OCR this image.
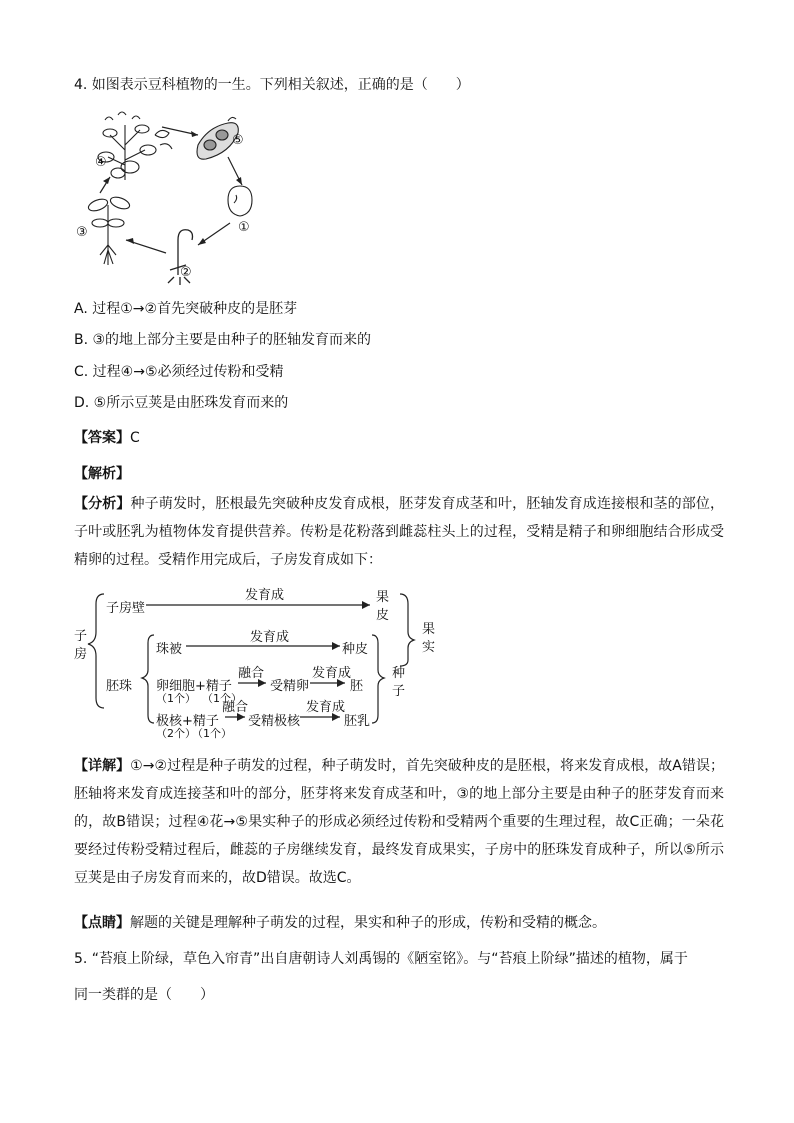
4. 如图表示豆科植物的一生。下列相关叙述，正确的是（　　）
④
⑤
①
②
③
A. 过程①→②首先突破种皮的是胚芽
B. ③的地上部分主要是由种子的胚轴发育而来的
C. 过程④→⑤必须经过传粉和受精
D. ⑤所示豆荚是由胚珠发育而来的
【答案】C
【解析】
【分析】种子萌发时，胚根最先突破种皮发育成根，胚芽发育成茎和叶，胚轴发育成连接根和茎的部位，子叶或胚乳为植物体发育提供营养。传粉是花粉落到雌蕊柱头上的过程，受精是精子和卵细胞结合形成受精卵的过程。受精作用完成后，子房发育成如下：
子
房
子房壁
发育成	果
皮
果
实
胚珠
珠被
发育成
种皮
卵细胞+精子
（1个） （1个）
融合
受精卵
发育成
胚
种
子
极核+精子
（2个）
（1个）
融合
受精极核
发育成
胚乳
【详解】①→②过程是种子萌发的过程，种子萌发时，首先突破种皮的是胚根，将来发育成根，故A错误；胚轴将来发育成连接茎和叶的部分，胚芽将来发育成茎和叶，③的地上部分主要是由种子的胚芽发育而来的，故B错误；过程④花→⑤果实种子的形成必须经过传粉和受精两个重要的生理过程，故C正确；一朵花要经过传粉受精过程后，雌蕊的子房继续发育，最终发育成果实，子房中的胚珠发育成种子，所以⑤所示豆荚是由子房发育而来的，故D错误。故选C。
【点睛】解题的关键是理解种子萌发的过程，果实和种子的形成，传粉和受精的概念。
5. “苔痕上阶绿，草色入帘青”出自唐朝诗人刘禹锡的《陋室铭》。与“苔痕上阶绿”描述的植物，属于
同一类群的是（　　）
